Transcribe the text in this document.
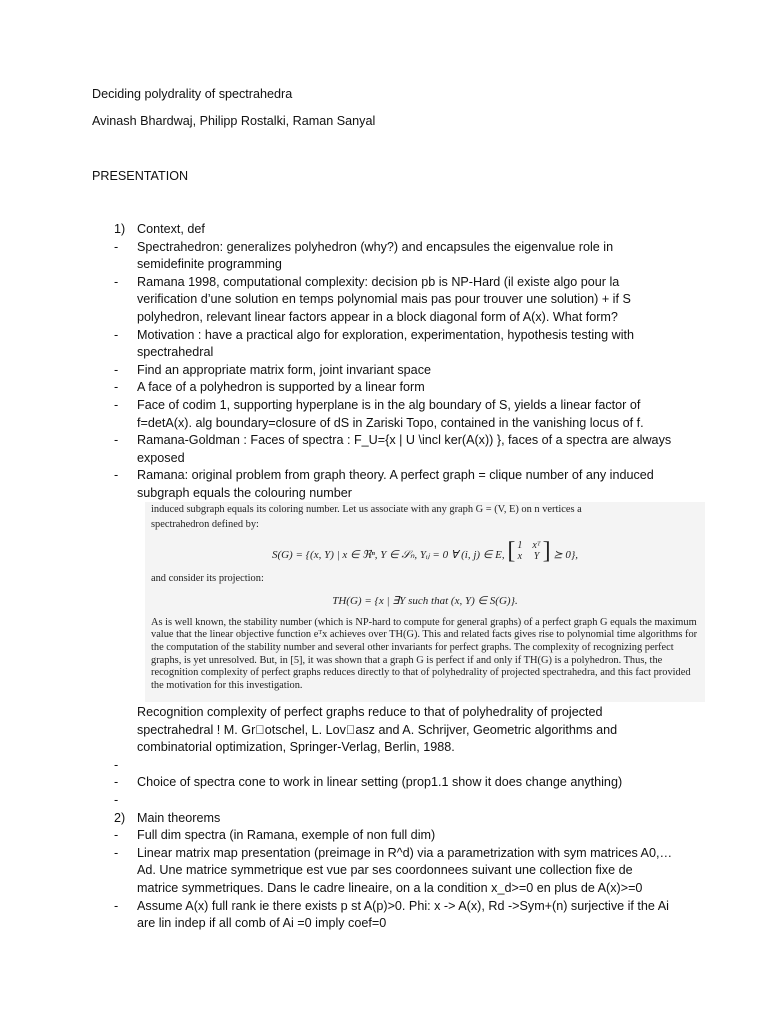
Deciding polydrality of spectrahedra
Avinash Bhardwaj, Philipp Rostalki, Raman Sanyal
PRESENTATION
1) Context, def
- Spectrahedron: generalizes polyhedron (why?) and encapsules the eigenvalue role in semidefinite programming
- Ramana 1998, computational complexity: decision pb is NP-Hard (il existe algo pour la verification d’une solution en temps polynomial mais pas pour trouver une solution) + if S polyhedron, relevant linear factors appear in a block diagonal form of A(x). What form?
- Motivation : have a practical algo for exploration, experimentation, hypothesis testing with spectrahedral
- Find an appropriate matrix form, joint invariant space
- A face of a polyhedron is supported by a linear form
- Face of codim 1, supporting hyperplane is in the alg boundary of S, yields a linear factor of f=detA(x). alg boundary=closure of dS in Zariski Topo, contained in the vanishing locus of f.
- Ramana-Goldman : Faces of spectra : F_U={x | U \incl ker(A(x)) }, faces of a spectra are always exposed
- Ramana: original problem from graph theory. A perfect graph = clique number of any induced subgraph equals the colouring number
induced subgraph equals its coloring number. Let us associate with any graph G = (V, E) on n vertices a
spectrahedron defined by:
S(G) = {(x, Y) | x ∈ ℜⁿ, Y ∈ 𝒮ₙ, Yᵢⱼ = 0 ∀ (i, j) ∈ E, [ 1 xᵀ
x Y ] ⪰ 0},
and consider its projection:
TH(G) = {x | ∃Y such that (x, Y) ∈ S(G)}.
As is well known, the stability number (which is NP-hard to compute for general graphs) of a perfect graph G equals the maximum value that the linear objective function eᵀx achieves over TH(G). This and related facts gives rise to polynomial time algorithms for the computation of the stability number and several other invariants for perfect graphs. The complexity of recognizing perfect graphs, is yet unresolved. But, in [5], it was shown that a graph G is perfect if and only if TH(G) is a polyhedron. Thus, the recognition complexity of perfect graphs reduces directly to that of polyhedrality of projected spectrahedra, and this fact provided the motivation for this investigation.
Recognition complexity of perfect graphs reduce to that of polyhedrality of projected spectrahedral ! M. Gr otschel, L. Lov asz and A. Schrijver, Geometric algorithms and combinatorial optimization, Springer-Verlag, Berlin, 1988.
-

- Choice of spectra cone to work in linear setting (prop1.1 show it does change anything)
-

2) Main theorems
- Full dim spectra (in Ramana, exemple of non full dim)
- Linear matrix map presentation (preimage in R^d) via a parametrization with sym matrices A0,…Ad. Une matrice symmetrique est vue par ses coordonnees suivant une collection fixe de matrice symmetriques. Dans le cadre lineaire, on a la condition x_d>=0 en plus de A(x)>=0
- Assume A(x) full rank ie there exists p st A(p)>0. Phi: x -> A(x), Rd ->Sym+(n) surjective if the Ai are lin indep if all comb of Ai =0 imply coef=0
